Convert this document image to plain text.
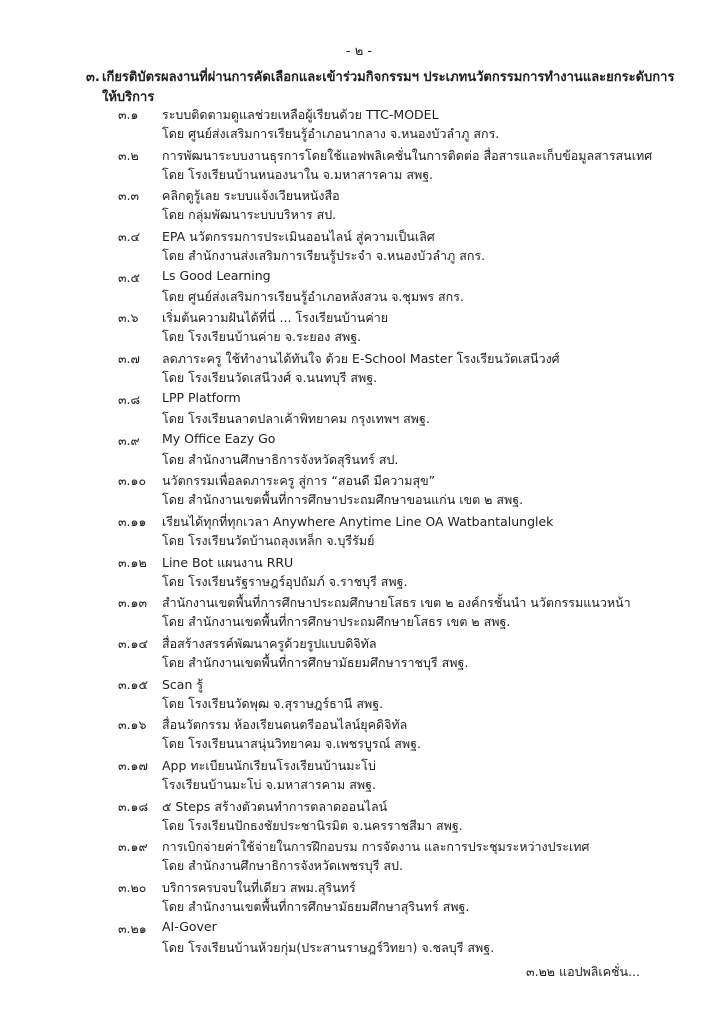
- ๒ -
๓. เกียรติบัตรผลงานที่ผ่านการคัดเลือกและเข้าร่วมกิจกรรมฯ ประเภทนวัตกรรมการทำงานและยกระดับการให้บริการ
๓.๑ ระบบติดตามดูแลช่วยเหลือผู้เรียนด้วย TTC-MODEL
โดย ศูนย์ส่งเสริมการเรียนรู้อำเภอนากลาง จ.หนองบัวลำภู สกร.
๓.๒ การพัฒนาระบบงานธุรการโดยใช้แอฟพลิเคชั่นในการติดต่อ สื่อสารและเก็บข้อมูลสารสนเทศ
โดย โรงเรียนบ้านหนองนาใน จ.มหาสารคาม สพฐ.
๓.๓ คลิกดูรู้เลย ระบบแจ้งเวียนหนังสือ
โดย กลุ่มพัฒนาระบบบริหาร สป.
๓.๔ EPA นวัตกรรมการประเมินออนไลน์ สู่ความเป็นเลิศ
โดย สำนักงานส่งเสริมการเรียนรู้ประจำ จ.หนองบัวลำภู สกร.
๓.๕ Ls Good Learning
โดย ศูนย์ส่งเสริมการเรียนรู้อำเภอหลังสวน จ.ชุมพร สกร.
๓.๖ เริ่มต้นความฝันได้ที่นี่ ... โรงเรียนบ้านค่าย
โดย โรงเรียนบ้านค่าย จ.ระยอง สพฐ.
๓.๗ ลดภาระครู ใช้ทำงานได้ทันใจ ด้วย E-School Master โรงเรียนวัดเสนีวงศ์
โดย โรงเรียนวัดเสนีวงศ์ จ.นนทบุรี สพฐ.
๓.๘ LPP Platform
โดย โรงเรียนลาดปลาเค้าพิทยาคม กรุงเทพฯ สพฐ.
๓.๙ My Office Eazy Go
โดย สำนักงานศึกษาธิการจังหวัดสุรินทร์ สป.
๓.๑๐ นวัตกรรมเพื่อลดภาระครู สู่การ “สอนดี มีความสุข”
โดย สำนักงานเขตพื้นที่การศึกษาประถมศึกษาขอนแก่น เขต ๒ สพฐ.
๓.๑๑ เรียนได้ทุกที่ทุกเวลา Anywhere Anytime Line OA Watbantalunglek
โดย โรงเรียนวัดบ้านถลุงเหล็ก จ.บุรีรัมย์
๓.๑๒ Line Bot แผนงาน RRU
โดย โรงเรียนรัฐราษฎร์อุปถัมภ์ จ.ราชบุรี สพฐ.
๓.๑๓ สำนักงานเขตพื้นที่การศึกษาประถมศึกษายโสธร เขต ๒ องค์กรชั้นนำ นวัตกรรมแนวหน้า
โดย สำนักงานเขตพื้นที่การศึกษาประถมศึกษายโสธร เขต ๒ สพฐ.
๓.๑๔ สื่อสร้างสรรค์พัฒนาครูด้วยรูปแบบดิจิทัล
โดย สำนักงานเขตพื้นที่การศึกษามัธยมศึกษาราชบุรี สพฐ.
๓.๑๕ Scan รู้
โดย โรงเรียนวัดพุฒ จ.สุราษฎร์ธานี สพฐ.
๓.๑๖ สื่อนวัตกรรม ห้องเรียนดนตรีออนไลน์ยุคดิจิทัล
โดย โรงเรียนนาสนุ่นวิทยาคม จ.เพชรบูรณ์ สพฐ.
๓.๑๗ App ทะเบียนนักเรียนโรงเรียนบ้านมะโบ่
โรงเรียนบ้านมะโบ่ จ.มหาสารคาม สพฐ.
๓.๑๘ ๕ Steps สร้างตัวตนทำการตลาดออนไลน์
โดย โรงเรียนปักธงชัยประชานิรมิต จ.นครราชสีมา สพฐ.
๓.๑๙ การเบิกจ่ายค่าใช้จ่ายในการฝึกอบรม การจัดงาน และการประชุมระหว่างประเทศ
โดย สำนักงานศึกษาธิการจังหวัดเพชรบุรี สป.
๓.๒๐ บริการครบจบในที่เดียว สพม.สุรินทร์
โดย สำนักงานเขตพื้นที่การศึกษามัธยมศึกษาสุรินทร์ สพฐ.
๓.๒๑ AI-Gover
โดย โรงเรียนบ้านห้วยกุ่ม(ประสานราษฎร์วิทยา) จ.ชลบุรี สพฐ.
๓.๒๒ แอปพลิเคชั่น...
